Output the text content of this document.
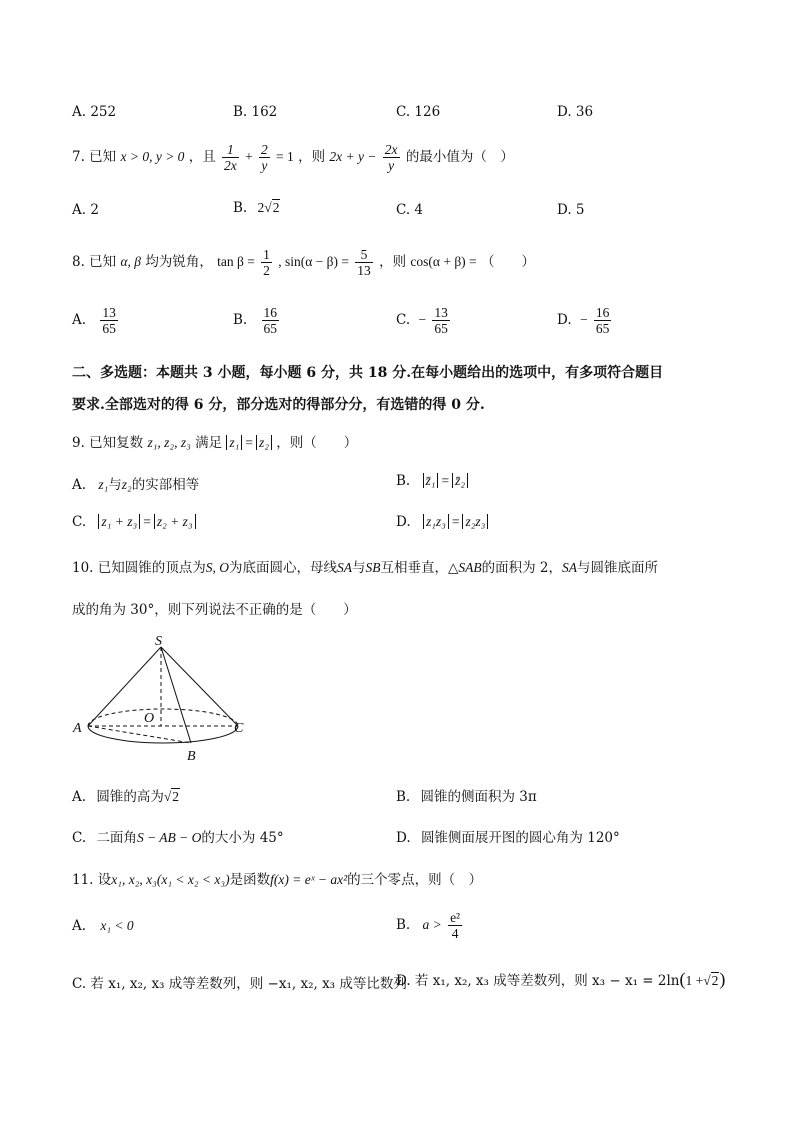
A. 252	B. 162	C. 126	D. 36
7. 已知 x > 0, y > 0 ，且 $\frac{1}{2x} + \frac{2}{y} = 1$ ，则 $2x + y - \frac{2x}{y}$ 的最小值为（　）
A. 2	B. 2√2	C. 4	D. 5
8. 已知 α, β 均为锐角， $\tan \beta = \frac{1}{2}$ , $\sin(\alpha - \beta) = \frac{5}{13}$ ，则 cos(α + β) = （　　）
A. $\frac{13}{65}$	B. $\frac{16}{65}$	C. − $\frac{13}{65}$	D. − $\frac{16}{65}$
二、多选题：本题共 3 小题，每小题 6 分，共 18 分.在每小题给出的选项中，有多项符合题目
要求.全部选对的得 6 分，部分选对的得部分分，有选错的得 0 分.
9. 已知复数 z₁, z₂, z₃ 满足 z₁ = z₂ ，则（　　）
A. z₁与z₂的实部相等	B. z̄₁ = z̄₂
C. z₁ + z₃ = z₂ + z₃	D. z₁z₃ = z₂z₃
10. 已知圆锥的顶点为S, O为底面圆心，母线SA与SB互相垂直，△SAB的面积为 2，SA与圆锥底面所
成的角为 30°，则下列说法不正确的是（　　）
S
O
A	C
B
A. 圆锥的高为√2	B. 圆锥的侧面积为 3π
C. 二面角S − AB − O的大小为 45°	D. 圆锥侧面展开图的圆心角为 120°
11. 设x₁, x₂, x₃(x₁ < x₂ < x₃)是函数f(x) = eˣ − ax²的三个零点，则（　）
A. x₁ < 0	B. $a > \frac{\text{e²}}{4}$
C. 若 x₁, x₂, x₃ 成等差数列，则 −x₁, x₂, x₃ 成等比数列
D. 若 x₁, x₂, x₃ 成等差数列，则 x₃ − x₁ = 2ln(1 +√2)
